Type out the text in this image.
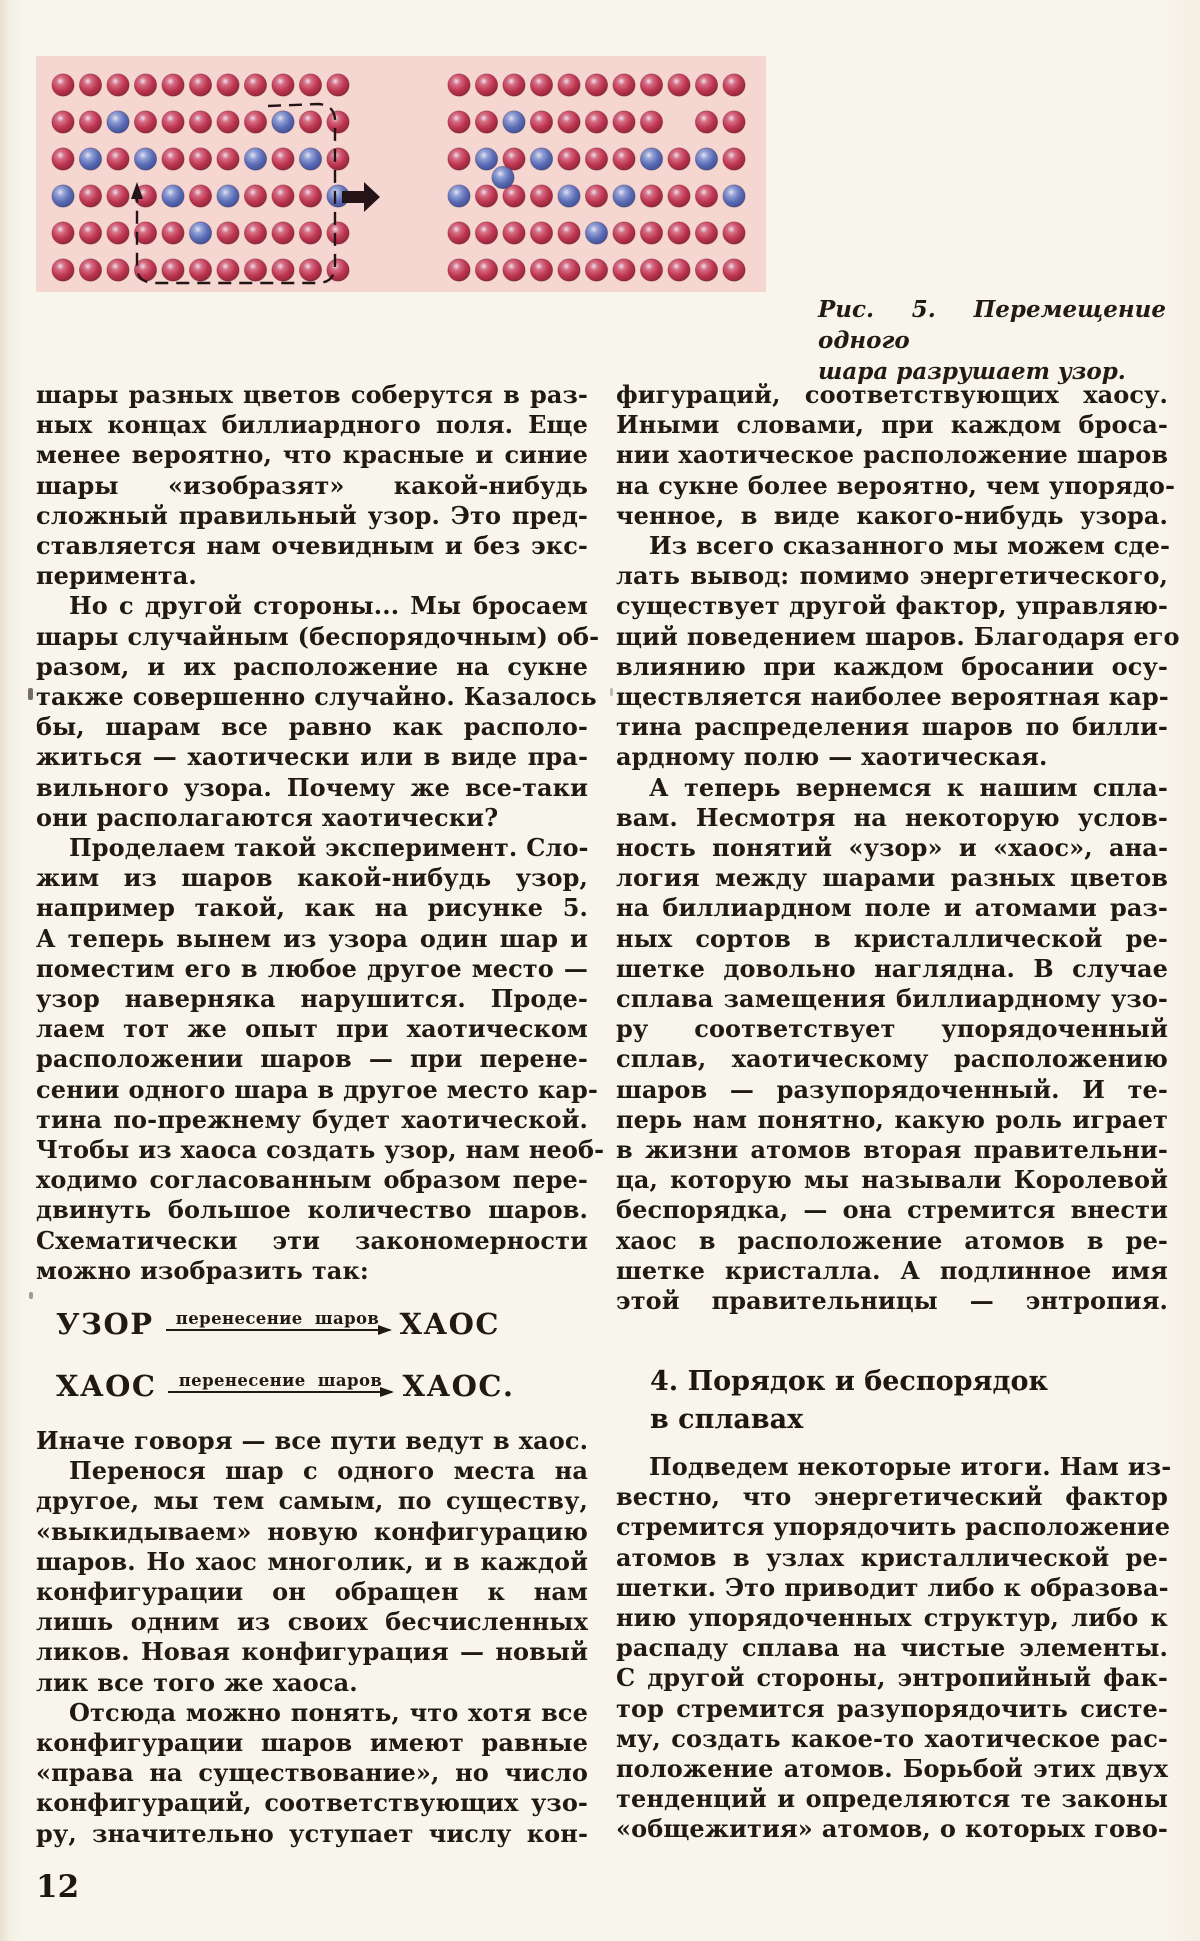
Рис. 5. Перемещение одного
шара разрушает узор.
шары разных цветов соберутся в раз-
ных концах биллиардного поля. Еще
менее вероятно, что красные и синие
шары «изобразят» какой-нибудь
сложный правильный узор. Это пред-
ставляется нам очевидным и без экс-
перимента.
Но с другой стороны... Мы бросаем
шары случайным (беспорядочным) об-
разом, и их расположение на сукне
также совершенно случайно. Казалось
бы, шарам все равно как располо-
житься — хаотически или в виде пра-
вильного узора. Почему же все-таки
они располагаются хаотически?
Проделаем такой эксперимент. Сло-
жим из шаров какой-нибудь узор,
например такой, как на рисунке 5.
А теперь вынем из узора один шар и
поместим его в любое другое место —
узор наверняка нарушится. Проде-
лаем тот же опыт при хаотическом
расположении шаров — при перене-
сении одного шара в другое место кар-
тина по-прежнему будет хаотической.
Чтобы из хаоса создать узор, нам необ-
ходимо согласованным образом пере-
двинуть большое количество шаров.
Схематически эти закономерности
можно изобразить так:
УЗОР	перенесение шаров ХАОС
ХАОС	перенесение шаров ХАОС.
Иначе говоря — все пути ведут в хаос.
Перенося шар с одного места на
другое, мы тем самым, по существу,
«выкидываем» новую конфигурацию
шаров. Но хаос многолик, и в каждой
конфигурации он обращен к нам
лишь одним из своих бесчисленных
ликов. Новая конфигурация — новый
лик все того же хаоса.
Отсюда можно понять, что хотя все
конфигурации шаров имеют равные
«права на существование», но число
конфигураций, соответствующих узо-
ру, значительно уступает числу кон-
фигураций, соответствующих хаосу.
Иными словами, при каждом броса-
нии хаотическое расположение шаров
на сукне более вероятно, чем упорядо-
ченное, в виде какого-нибудь узора.
Из всего сказанного мы можем сде-
лать вывод: помимо энергетического,
существует другой фактор, управляю-
щий поведением шаров. Благодаря его
влиянию при каждом бросании осу-
ществляется наиболее вероятная кар-
тина распределения шаров по билли-
ардному полю — хаотическая.
А теперь вернемся к нашим спла-
вам. Несмотря на некоторую услов-
ность понятий «узор» и «хаос», ана-
логия между шарами разных цветов
на биллиардном поле и атомами раз-
ных сортов в кристаллической ре-
шетке довольно наглядна. В случае
сплава замещения биллиардному узо-
ру соответствует упорядоченный
сплав, хаотическому расположению
шаров — разупорядоченный. И те-
перь нам понятно, какую роль играет
в жизни атомов вторая правительни-
ца, которую мы называли Королевой
беспорядка, — она стремится внести
хаос в расположение атомов в ре-
шетке кристалла. А подлинное имя
этой правительницы — энтропия.
4. Порядок и беспорядок
в сплавах
Подведем некоторые итоги. Нам из-
вестно, что энергетический фактор
стремится упорядочить расположение
атомов в узлах кристаллической ре-
шетки. Это приводит либо к образова-
нию упорядоченных структур, либо к
распаду сплава на чистые элементы.
С другой стороны, энтропийный фак-
тор стремится разупорядочить систе-
му, создать какое-то хаотическое рас-
положение атомов. Борьбой этих двух
тенденций и определяются те законы
«общежития» атомов, о которых гово-
12
